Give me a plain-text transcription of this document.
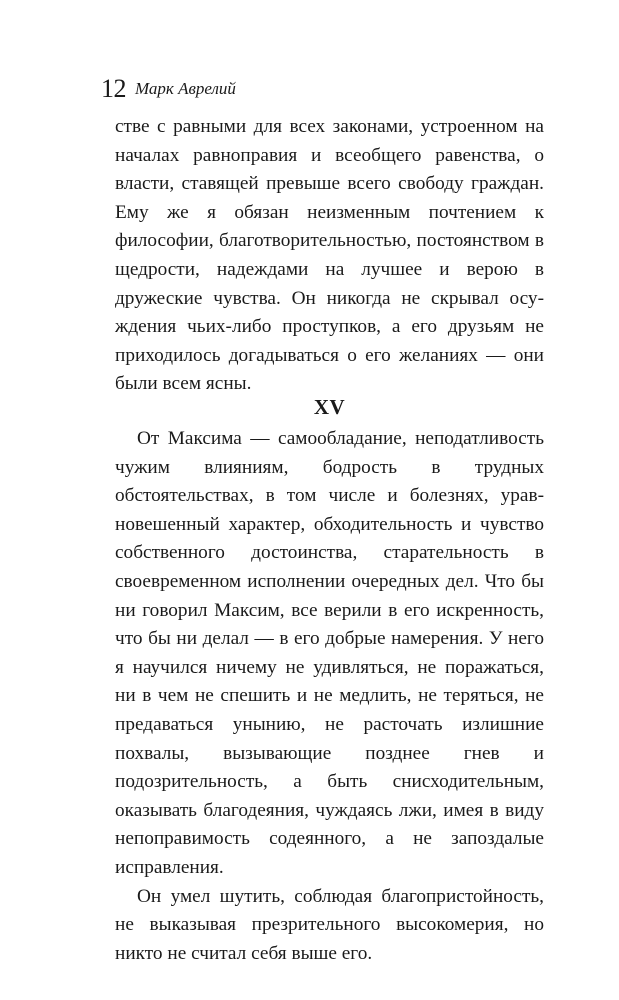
12 Марк Аврелий

стве с равными для всех законами, устроенном на началах равноправия и всеобщего равенства, о власти, ставящей превыше всего свободу граждан. Ему же я обязан неизменным почтением к философии, благотворительностью, постоянством в щедрости, надеждами на лучшее и верою в дружеские чувства. Он никогда не скрывал осуждения чьих-либо проступков, а его друзьям не приходилось догадываться о его желаниях — они были всем ясны.

XV

От Максима — самообладание, неподатливость чужим влияниям, бодрость в трудных обстоятельствах, в том числе и болезнях, уравновешенный характер, обходительность и чувство собственного достоинства, старательность в своевременном исполнении очередных дел. Что бы ни говорил Максим, все верили в его искренность, что бы ни делал — в его добрые намерения. У него я научился ничему не удивляться, не поражаться, ни в чем не спешить и не медлить, не теряться, не предаваться унынию, не расточать излишние похвалы, вызывающие позднее гнев и подозрительность, а быть снисходительным, оказывать благодеяния, чуждаясь лжи, имея в виду непоправимость содеянного, а не запоздалые исправления.

Он умел шутить, соблюдая благопристойность, не выказывая презрительного высокомерия, но никто не считал себя выше его.
